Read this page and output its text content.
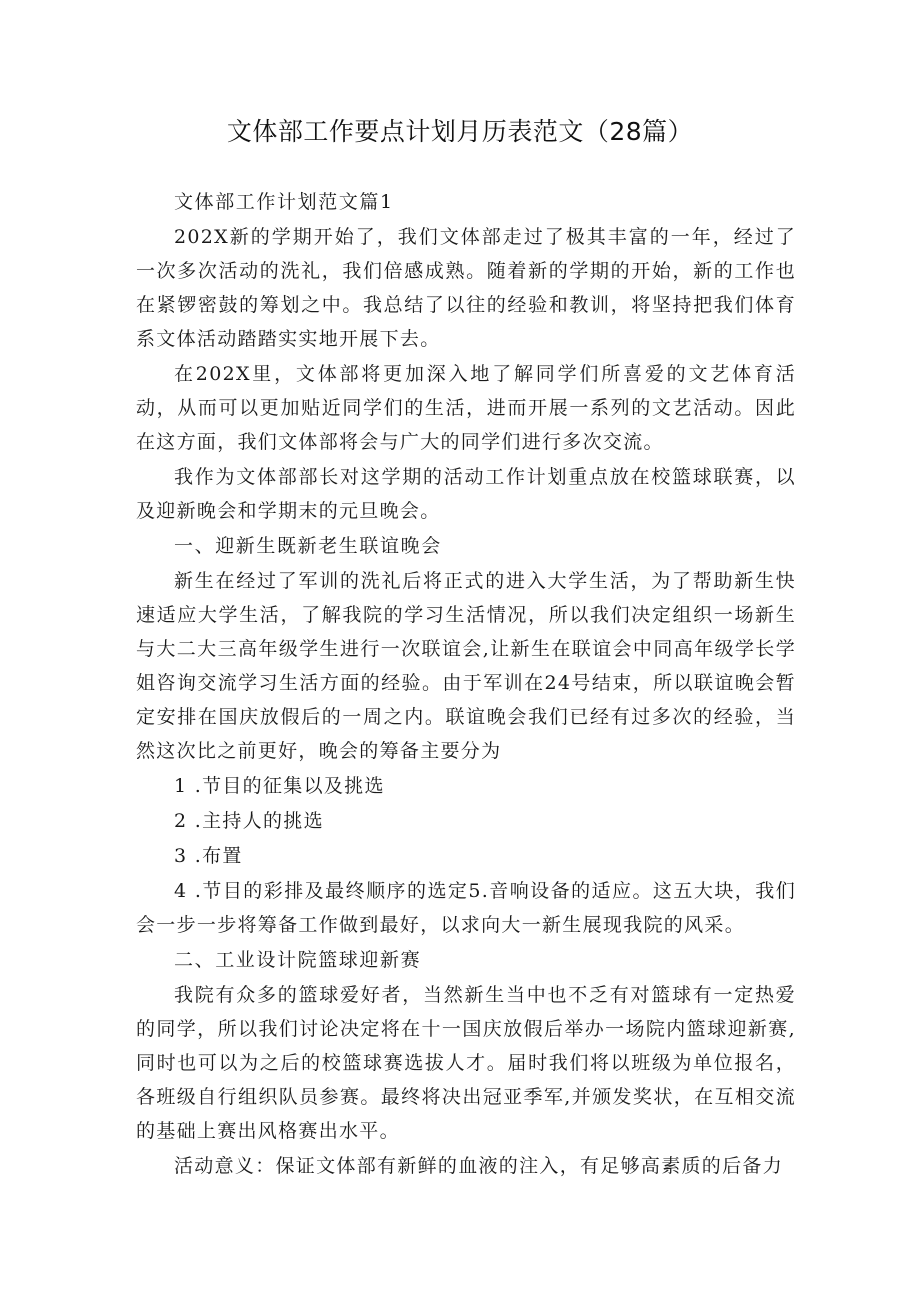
文体部工作要点计划月历表范文（28篇）

文体部工作计划范文篇1

202X新的学期开始了，我们文体部走过了极其丰富的一年，经过了一次多次活动的洗礼，我们倍感成熟。随着新的学期的开始，新的工作也在紧锣密鼓的筹划之中。我总结了以往的经验和教训，将坚持把我们体育系文体活动踏踏实实地开展下去。

在202X里，文体部将更加深入地了解同学们所喜爱的文艺体育活动，从而可以更加贴近同学们的生活，进而开展一系列的文艺活动。因此在这方面，我们文体部将会与广大的同学们进行多次交流。

我作为文体部部长对这学期的活动工作计划重点放在校篮球联赛，以及迎新晚会和学期末的元旦晚会。

一、迎新生既新老生联谊晚会

新生在经过了军训的洗礼后将正式的进入大学生活，为了帮助新生快速适应大学生活，了解我院的学习生活情况，所以我们决定组织一场新生与大二大三高年级学生进行一次联谊会,让新生在联谊会中同高年级学长学姐咨询交流学习生活方面的经验。由于军训在24号结束，所以联谊晚会暂定安排在国庆放假后的一周之内。联谊晚会我们已经有过多次的经验，当然这次比之前更好，晚会的筹备主要分为

1 .节目的征集以及挑选

2 .主持人的挑选

3 .布置

4 .节目的彩排及最终顺序的选定5.音响设备的适应。这五大块，我们会一步一步将筹备工作做到最好，以求向大一新生展现我院的风采。

二、工业设计院篮球迎新赛

我院有众多的篮球爱好者，当然新生当中也不乏有对篮球有一定热爱的同学，所以我们讨论决定将在十一国庆放假后举办一场院内篮球迎新赛,同时也可以为之后的校篮球赛选拔人才。届时我们将以班级为单位报名，各班级自行组织队员参赛。最终将决出冠亚季军,并颁发奖状，在互相交流的基础上赛出风格赛出水平。

活动意义：保证文体部有新鲜的血液的注入，有足够高素质的后备力
